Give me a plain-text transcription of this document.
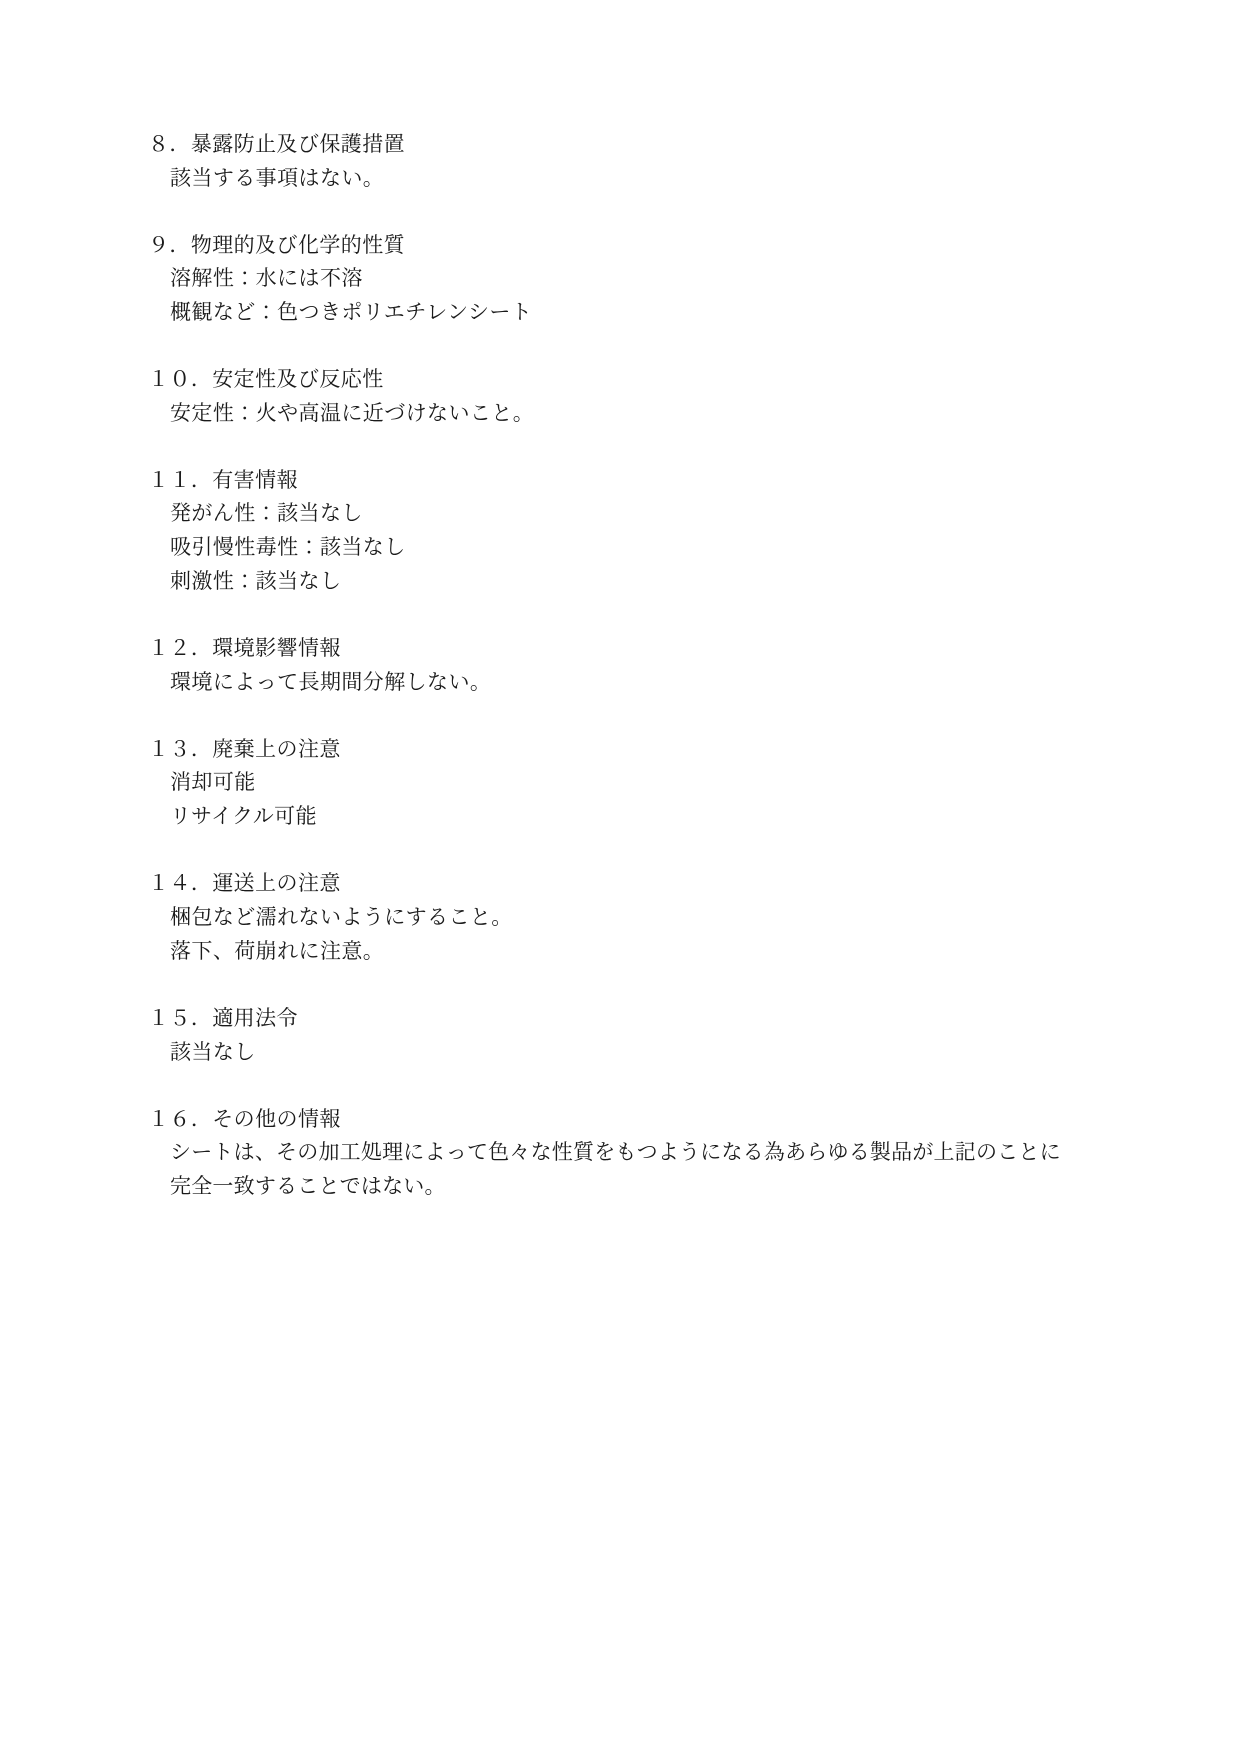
８．暴露防止及び保護措置
該当する事項はない。
９．物理的及び化学的性質
溶解性：水には不溶
概観など：色つきポリエチレンシート
１０．安定性及び反応性
安定性：火や高温に近づけないこと。
１１．有害情報
発がん性：該当なし
吸引慢性毒性：該当なし
刺激性：該当なし
１２．環境影響情報
環境によって長期間分解しない。
１３．廃棄上の注意
消却可能
リサイクル可能
１４．運送上の注意
梱包など濡れないようにすること。
落下、荷崩れに注意。
１５．適用法令
該当なし
１６．その他の情報
シートは、その加工処理によって色々な性質をもつようになる為あらゆる製品が上記のことに
完全一致することではない。
